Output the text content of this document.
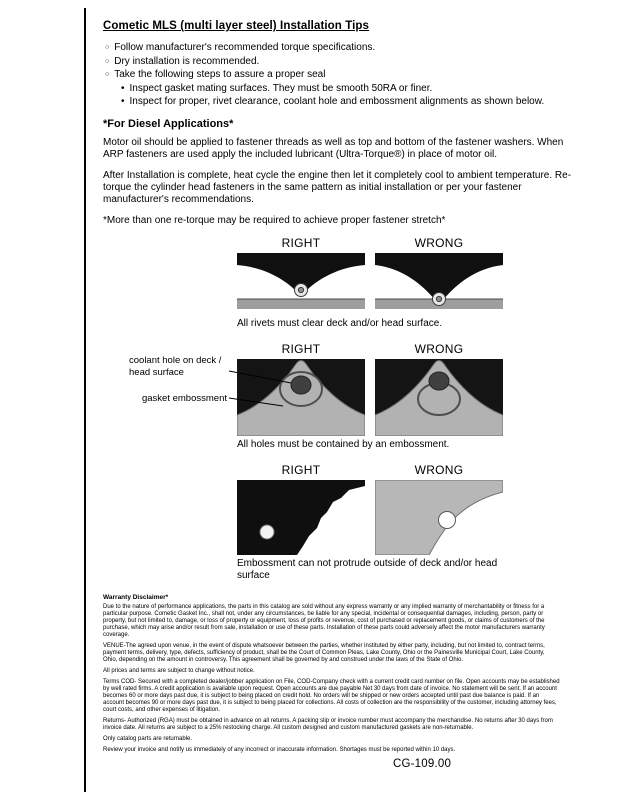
Cometic MLS (multi layer steel) Installation Tips
○ Follow manufacturer's recommended torque specifications.
○ Dry installation is recommended.
○ Take the following steps to assure a proper seal
• Inspect gasket mating surfaces. They must be smooth 50RA or finer.
• Inspect for proper, rivet clearance, coolant hole and embossment alignments as shown below.
*For Diesel Applications*
Motor oil should be applied to fastener threads as well as top and bottom of the fastener washers. When ARP fasteners are used apply the included lubricant (Ultra-Torque®) in place of motor oil.
After Installation is complete, heat cycle the engine then let it completely cool to ambient temperature. Re-torque the cylinder head fasteners in the same pattern as initial installation or per your fastener manufacturer's recommendations.
*More than one re-torque may be required to achieve proper fastener stretch*
RIGHT	WRONG
All rivets must clear deck and/or head surface.
RIGHT	WRONG
coolant hole on deck / head surface
gasket embossment
All holes must be contained by an embossment.
RIGHT	WRONG
Embossment can not protrude outside of deck and/or head surface
Warranty Disclaimer*

Due to the nature of performance applications, the parts in this catalog are sold without any express warranty or any implied warranty of merchantability or fitness for a particular purpose. Cometic Gasket Inc., shall not, under any circumstances, be liable for any special, incidental or consequential damages, including, person, party or property, but not limited to, damage, or loss of property or equipment, loss of profits or revenue, cost of purchased or replacement goods, or claims of customers of the purchase, which may arise and/or result from sale, installation or use of these parts. Installation of these parts could adversely affect the motor manufacturers warranty coverage.

VENUE-The agreed upon venue, in the event of dispute whatsoever between the parties, whether instituted by either party, including, but not limited to, contract terms, payment terms, delivery, type, defects, sufficiency of product, shall be the Court of Common Pleas, Lake County, Ohio or the Painesville Municipal Court, Lake County, Ohio, depending on the amount in controversy. This agreement shall be governed by and construed under the laws of the State of Ohio.

All prices and terms are subject to change without notice.

Terms COD- Secured with a completed dealer/jobber application on File, COD-Company check with a current credit card number on file. Open accounts may be established by well rated firms. A credit application is available upon request. Open accounts are due payable Net 30 days from date of invoice. No statement will be sent. If an account becomes 60 or more days past due, it is subject to being placed on credit hold. No orders will be shipped or new orders accepted until past due balance is paid. If an account becomes 90 or more days past due, it is subject to being placed for collections. All costs of collection are the responsibility of the customer, including attorney fees, court costs, and other expenses of litigation.

Returns- Authorized (RGA) must be obtained in advance on all returns. A packing slip or invoice number must accompany the merchandise. No returns after 30 days from invoice date. All returns are subject to a 25% restocking charge. All custom designed and custom manufactured gaskets are non-returnable.

Only catalog parts are returnable.

Review your invoice and notify us immediately of any incorrect or inaccurate information. Shortages must be reported within 10 days.

CG-109.00
